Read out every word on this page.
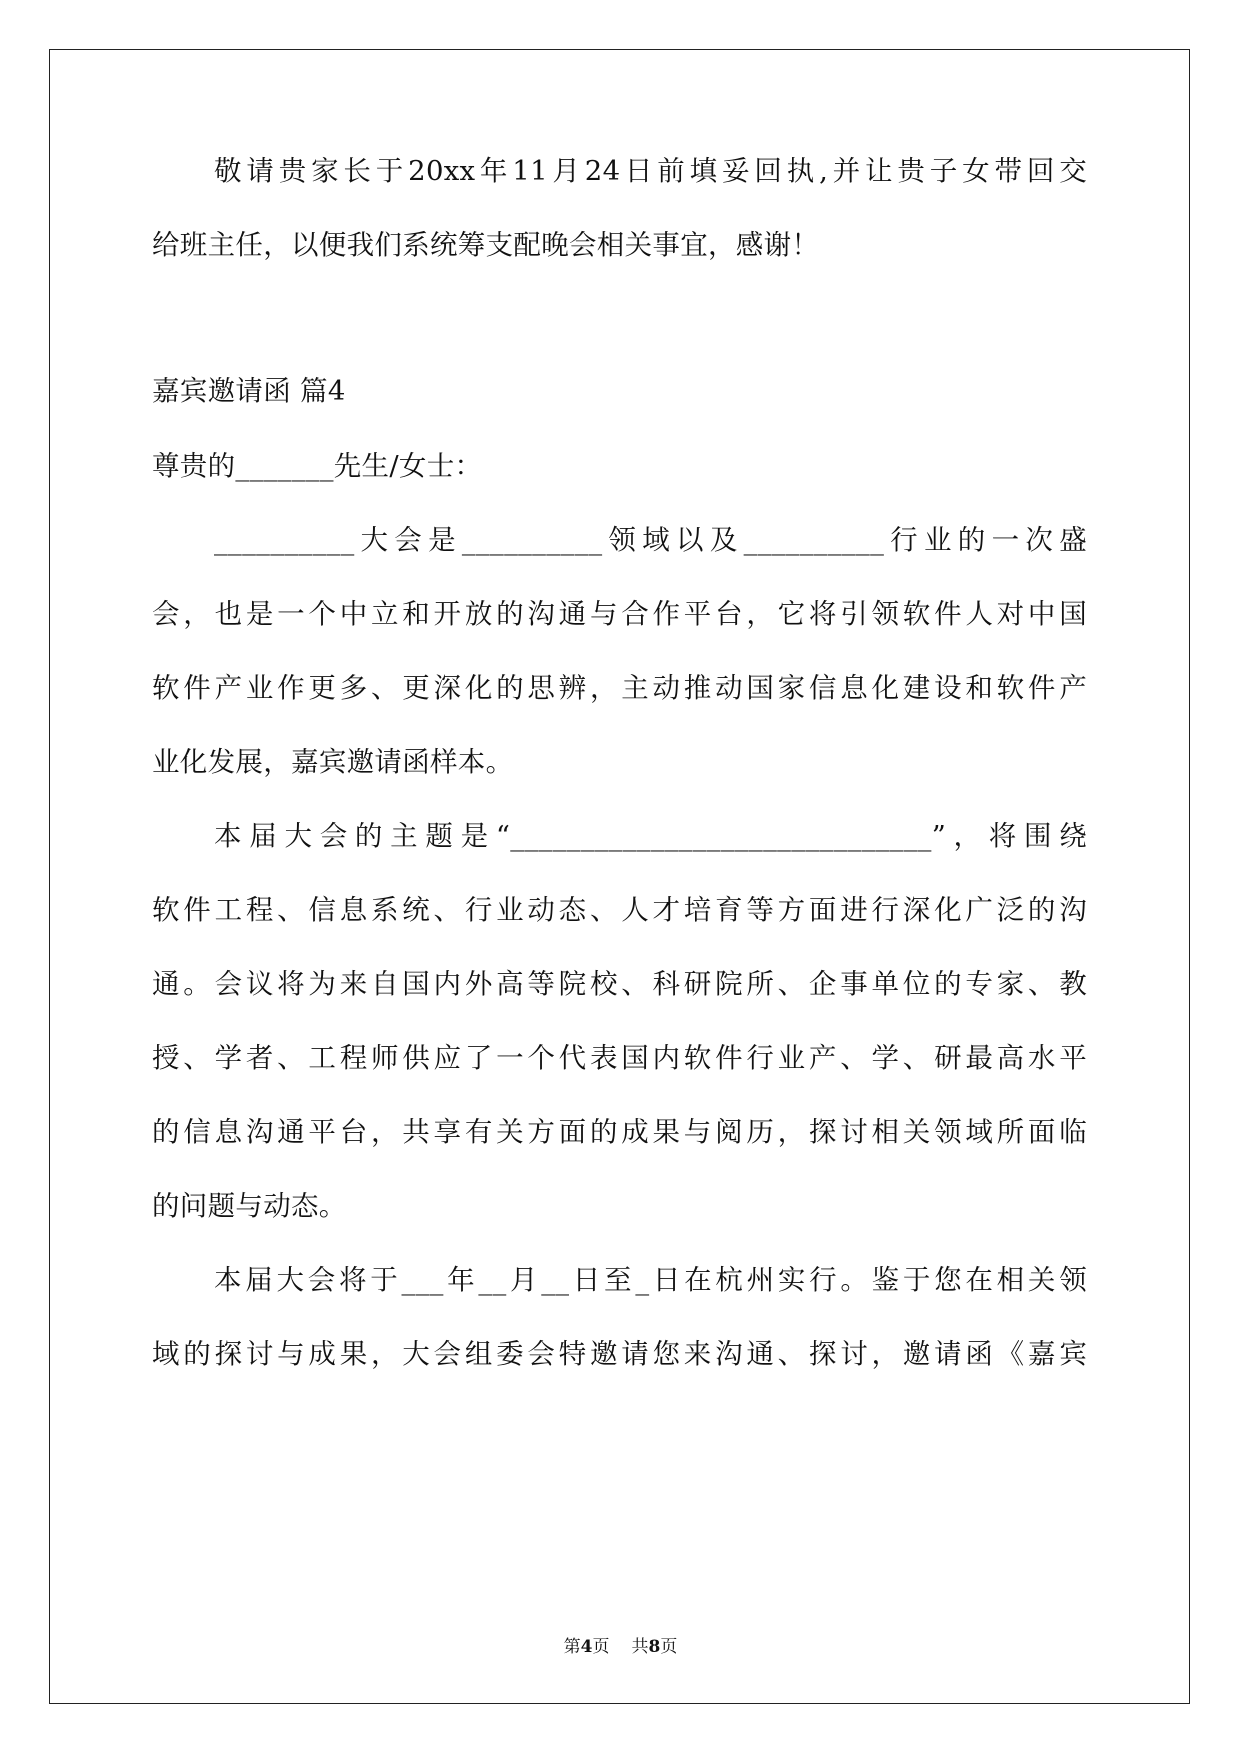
敬请贵家长于20xx年11月24日前填妥回执,并让贵子女带回交
给班主任，以便我们系统筹支配晚会相关事宜，感谢！
嘉宾邀请函 篇4
尊贵的_______先生/女士：
__________大会是__________领域以及__________行业的一次盛
会，也是一个中立和开放的沟通与合作平台，它将引领软件人对中国
软件产业作更多、更深化的思辨，主动推动国家信息化建设和软件产
业化发展，嘉宾邀请函样本。
本届大会的主题是“______________________________”，将围绕
软件工程、信息系统、行业动态、人才培育等方面进行深化广泛的沟
通。会议将为来自国内外高等院校、科研院所、企事单位的专家、教
授、学者、工程师供应了一个代表国内软件行业产、学、研最高水平
的信息沟通平台，共享有关方面的成果与阅历，探讨相关领域所面临
的问题与动态。
本届大会将于___年__月__日至_日在杭州实行。鉴于您在相关领
域的探讨与成果，大会组委会特邀请您来沟通、探讨，邀请函《嘉宾
第4页 共8页
